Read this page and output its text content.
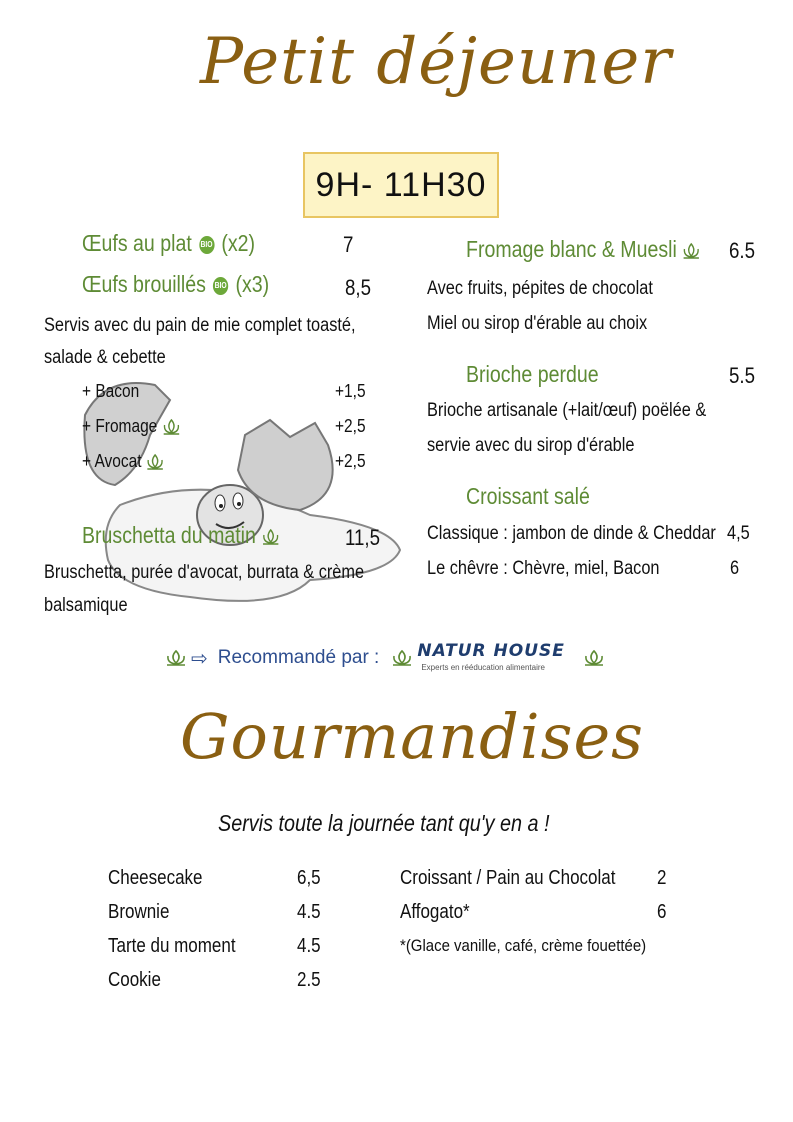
Petit déjeuner
9H- 11H30
Œufs au plat BIO (x2)	7
Œufs brouillés BIO (x3)	8,5
Servis avec du pain de mie complet toasté,
salade & cebette
+ Bacon	+1,5
+ Fromage	+2,5
+ Avocat	+2,5
Bruschetta du matin	11,5
Bruschetta, purée d'avocat, burrata & crème
balsamique
Fromage blanc & Muesli	6.5
Avec fruits, pépites de chocolat
Miel ou sirop d'érable au choix
Brioche perdue	5.5
Brioche artisanale (+lait/œuf) poëlée &
servie avec du sirop d'érable
Croissant salé
Classique : jambon de dinde & Cheddar 4,5
Le chêvre : Chèvre, miel, Bacon	6
⇨ Recommandé par : NATUR HOUSE
Experts en rééducation alimentaire
Gourmandises
Servis toute la journée tant qu'y en a !
Cheesecake	6,5
Brownie	4.5
Tarte du moment	4.5
Cookie	2.5
Croissant / Pain au Chocolat 2
Affogato*	6
*(Glace vanille, café, crème fouettée)
